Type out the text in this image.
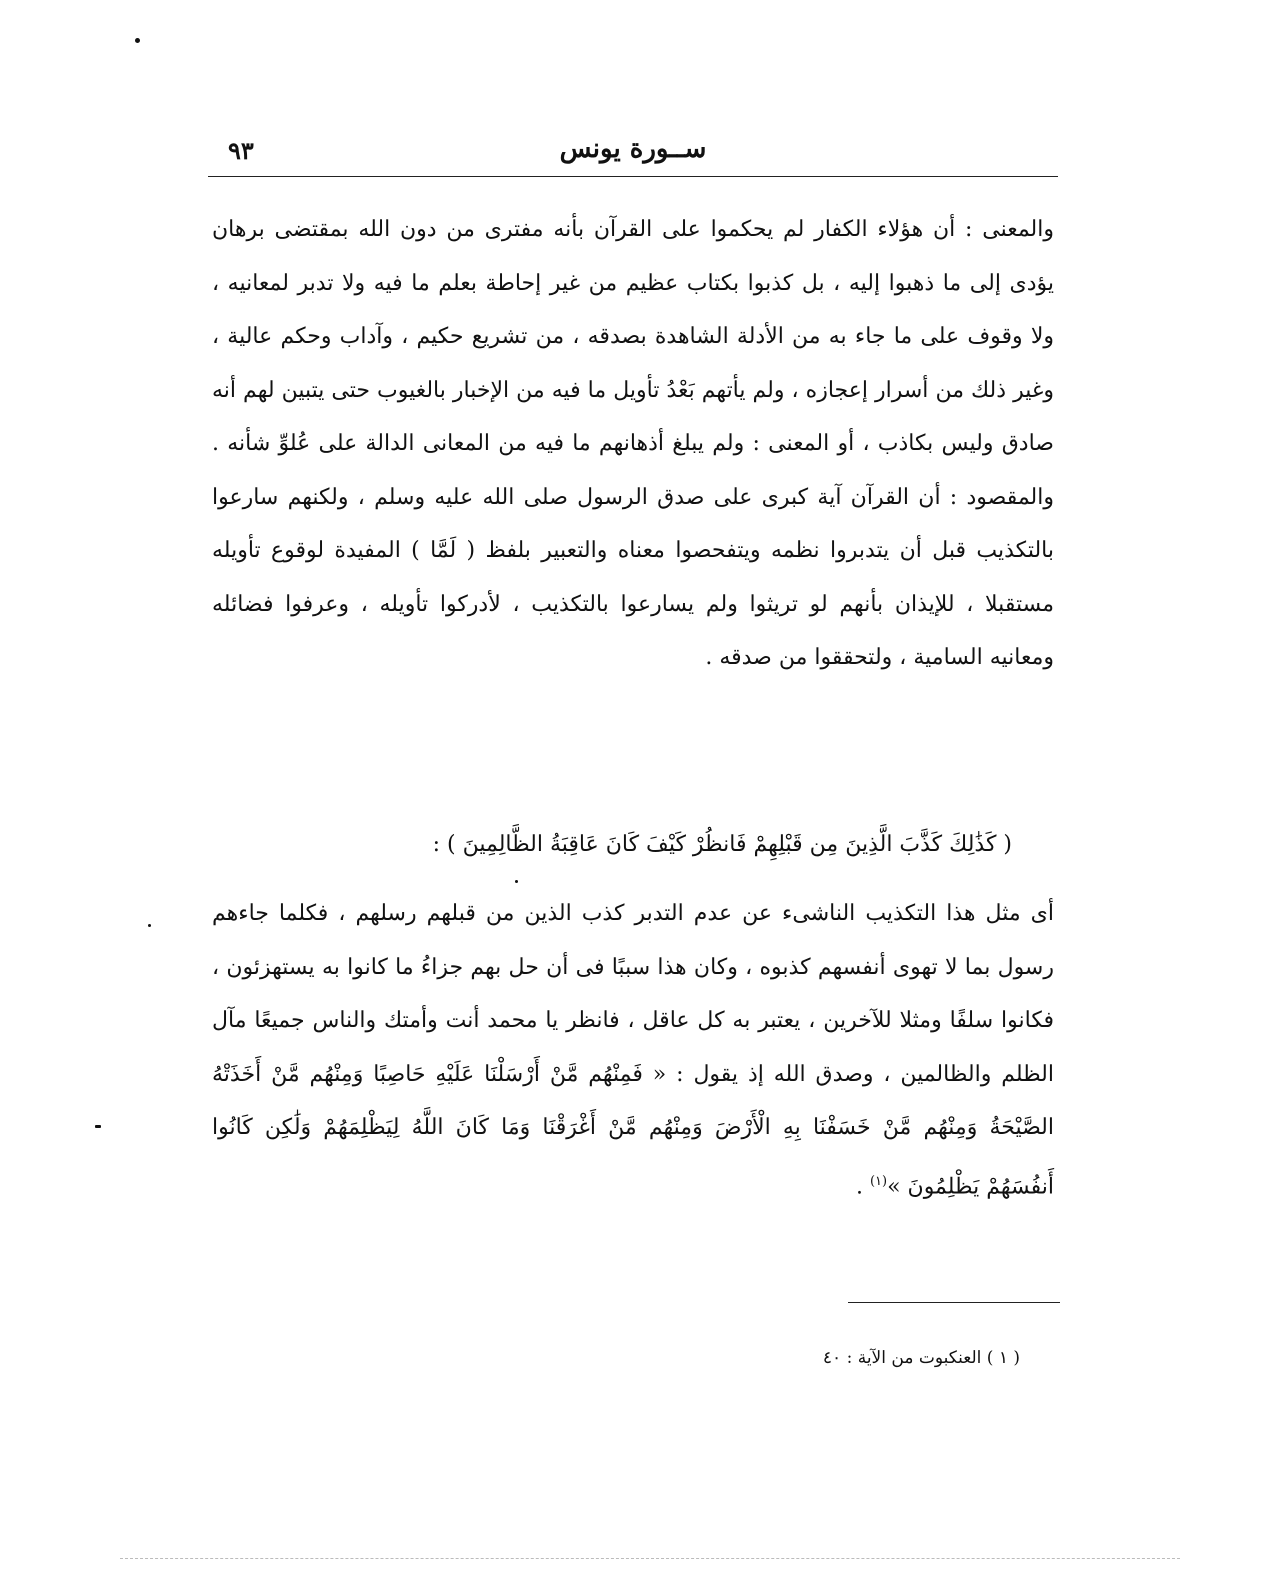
٩٣	ســورة يونس
والمعنى : أن هؤلاء الكفار لم يحكموا على القرآن بأنه مفترى من دون الله بمقتضى برهان يؤدى إلى ما ذهبوا إليه ، بل كذبوا بكتاب عظيم من غير إحاطة بعلم ما فيه ولا تدبر لمعانيه ، ولا وقوف على ما جاء به من الأدلة الشاهدة بصدقه ، من تشريع حكيم ، وآداب وحكم عالية ، وغير ذلك من أسرار إعجازه ، ولم يأتهم بَعْدُ تأويل ما فيه من الإخبار بالغيوب حتى يتبين لهم أنه صادق وليس بكاذب ، أو المعنى : ولم يبلغ أذهانهم ما فيه من المعانى الدالة على عُلوِّ شأنه . والمقصود : أن القرآن آية كبرى على صدق الرسول صلى الله عليه وسلم ، ولكنهم سارعوا بالتكذيب قبل أن يتدبروا نظمه ويتفحصوا معناه والتعبير بلفظ ( لَمَّا ) المفيدة لوقوع تأويله مستقبلا ، للإيذان بأنهم لو تريثوا ولم يسارعوا بالتكذيب ، لأدركوا تأويله ، وعرفوا فضائله ومعانيه السامية ، ولتحققوا من صدقه .
( كَذَٰلِكَ كَذَّبَ الَّذِينَ مِن قَبْلِهِمْ فَانظُرْ كَيْفَ كَانَ عَاقِبَةُ الظَّالِمِينَ ) :
أى مثل هذا التكذيب الناشىء عن عدم التدبر كذب الذين من قبلهم رسلهم ، فكلما جاءهم رسول بما لا تهوى أنفسهم كذبوه ، وكان هذا سببًا فى أن حل بهم جزاءُ ما كانوا به يستهزئون ، فكانوا سلفًا ومثلا للآخرين ، يعتبر به كل عاقل ، فانظر يا محمد أنت وأمتك والناس جميعًا مآل الظلم والظالمين ، وصدق الله إذ يقول : « فَمِنْهُم مَّنْ أَرْسَلْنَا عَلَيْهِ حَاصِبًا وَمِنْهُم مَّنْ أَخَذَتْهُ الصَّيْحَةُ وَمِنْهُم مَّنْ خَسَفْنَا بِهِ الْأَرْضَ وَمِنْهُم مَّنْ أَغْرَقْنَا وَمَا كَانَ اللَّهُ لِيَظْلِمَهُمْ وَلَٰكِن كَانُوا أَنفُسَهُمْ يَظْلِمُونَ »$^{(١)}$ .
( ١ ) العنكبوت من الآية : ٤٠
